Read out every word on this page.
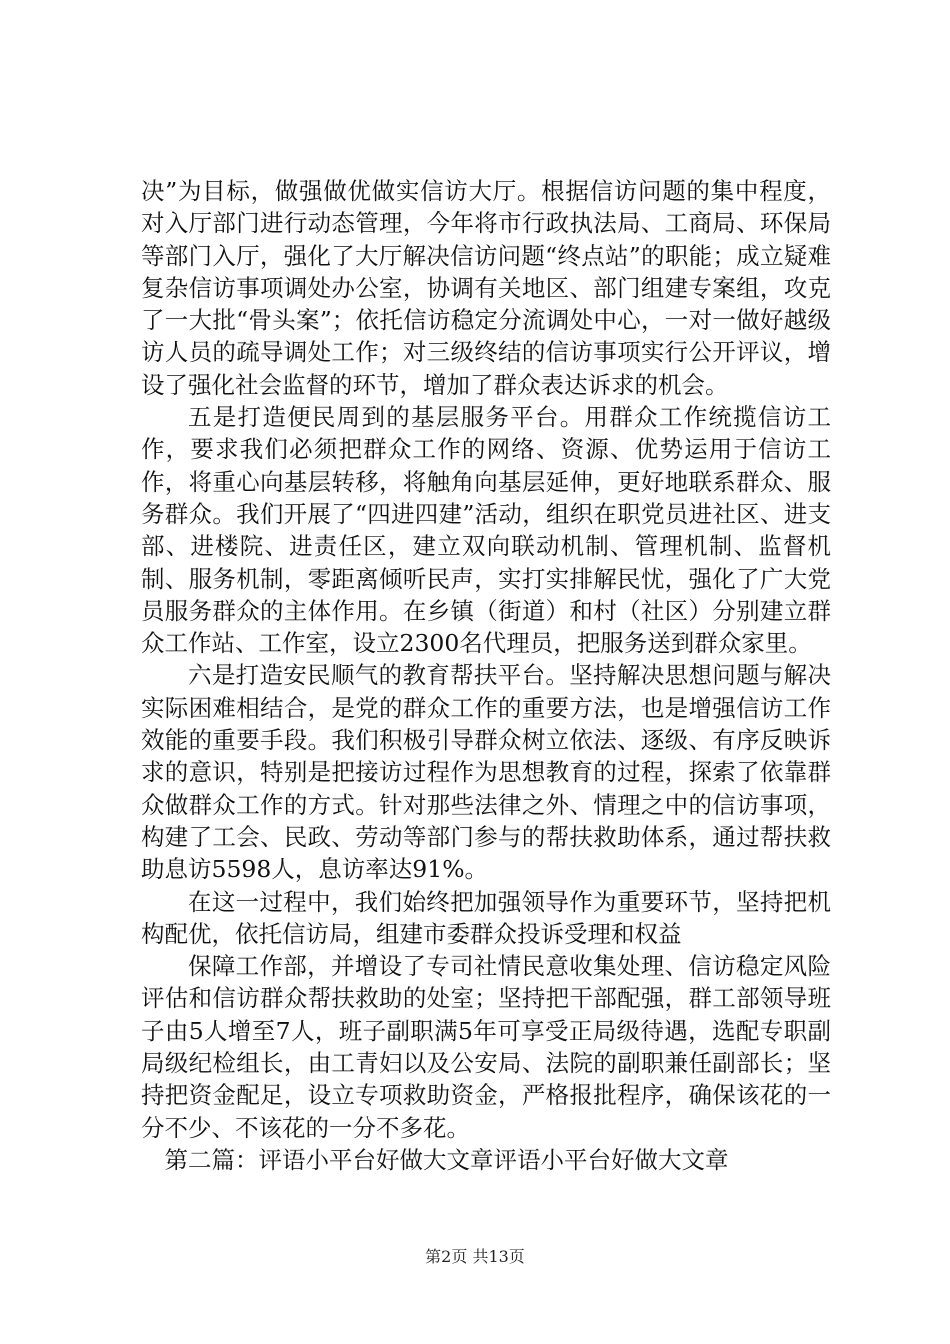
决”为目标，做强做优做实信访大厅。根据信访问题的集中程度，对入厅部门进行动态管理，今年将市行政执法局、工商局、环保局等部门入厅，强化了大厅解决信访问题“终点站”的职能；成立疑难复杂信访事项调处办公室，协调有关地区、部门组建专案组，攻克了一大批“骨头案”；依托信访稳定分流调处中心，一对一做好越级访人员的疏导调处工作；对三级终结的信访事项实行公开评议，增设了强化社会监督的环节，增加了群众表达诉求的机会。

五是打造便民周到的基层服务平台。用群众工作统揽信访工作，要求我们必须把群众工作的网络、资源、优势运用于信访工作，将重心向基层转移，将触角向基层延伸，更好地联系群众、服务群众。我们开展了“四进四建”活动，组织在职党员进社区、进支部、进楼院、进责任区，建立双向联动机制、管理机制、监督机制、服务机制，零距离倾听民声，实打实排解民忧，强化了广大党员服务群众的主体作用。在乡镇（街道）和村（社区）分别建立群众工作站、工作室，设立2300名代理员，把服务送到群众家里。

六是打造安民顺气的教育帮扶平台。坚持解决思想问题与解决实际困难相结合，是党的群众工作的重要方法，也是增强信访工作效能的重要手段。我们积极引导群众树立依法、逐级、有序反映诉求的意识，特别是把接访过程作为思想教育的过程，探索了依靠群众做群众工作的方式。针对那些法律之外、情理之中的信访事项，构建了工会、民政、劳动等部门参与的帮扶救助体系，通过帮扶救助息访5598人，息访率达91%。

在这一过程中，我们始终把加强领导作为重要环节，坚持把机构配优，依托信访局，组建市委群众投诉受理和权益

保障工作部，并增设了专司社情民意收集处理、信访稳定风险评估和信访群众帮扶救助的处室；坚持把干部配强，群工部领导班子由5人增至7人，班子副职满5年可享受正局级待遇，选配专职副局级纪检组长，由工青妇以及公安局、法院的副职兼任副部长；坚持把资金配足，设立专项救助资金，严格报批程序，确保该花的一分不少、不该花的一分不多花。

第二篇：评语小平台好做大文章评语小平台好做大文章

第2页 共13页
